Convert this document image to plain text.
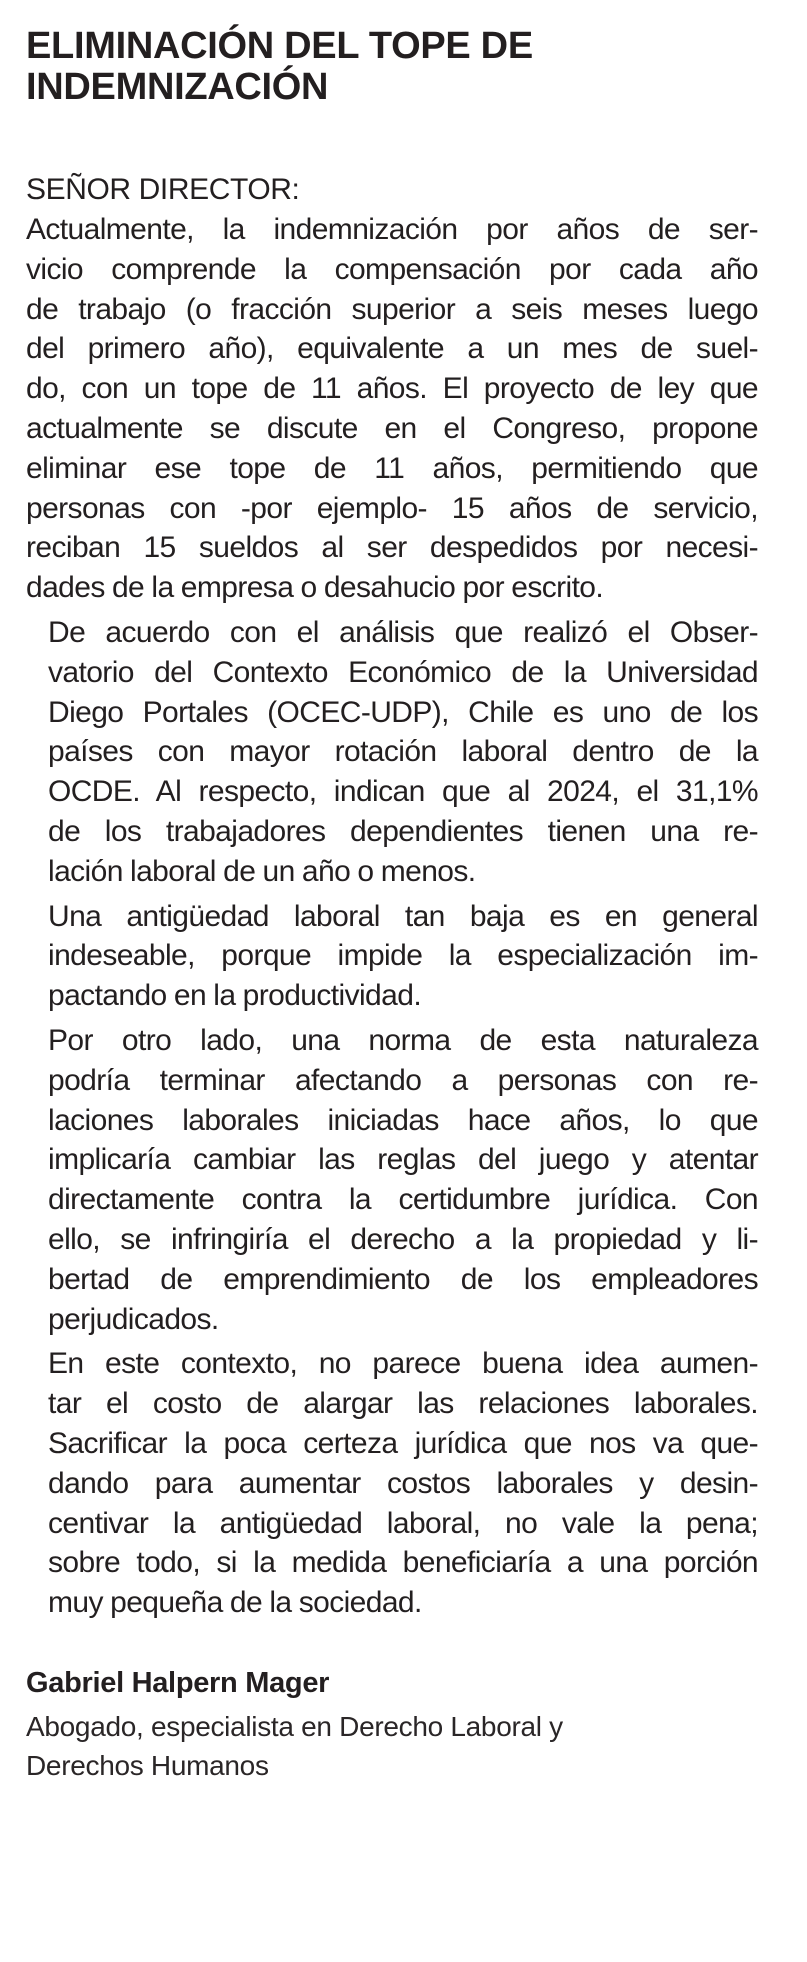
ELIMINACIÓN DEL TOPE DE
INDEMNIZACIÓN

SEÑOR DIRECTOR:

Actualmente, la indemnización por años de ser-
vicio comprende la compensación por cada año
de trabajo (o fracción superior a seis meses luego
del primero año), equivalente a un mes de suel-
do, con un tope de 11 años. El proyecto de ley que
actualmente se discute en el Congreso, propone
eliminar ese tope de 11 años, permitiendo que
personas con -por ejemplo- 15 años de servicio,
reciban 15 sueldos al ser despedidos por necesi-
dades de la empresa o desahucio por escrito.

De acuerdo con el análisis que realizó el Obser-
vatorio del Contexto Económico de la Universidad
Diego Portales (OCEC-UDP), Chile es uno de los
países con mayor rotación laboral dentro de la
OCDE. Al respecto, indican que al 2024, el 31,1%
de los trabajadores dependientes tienen una re-
lación laboral de un año o menos.

Una antigüedad laboral tan baja es en general
indeseable, porque impide la especialización im-
pactando en la productividad.

Por otro lado, una norma de esta naturaleza
podría terminar afectando a personas con re-
laciones laborales iniciadas hace años, lo que
implicaría cambiar las reglas del juego y atentar
directamente contra la certidumbre jurídica. Con
ello, se infringiría el derecho a la propiedad y li-
bertad de emprendimiento de los empleadores
perjudicados.

En este contexto, no parece buena idea aumen-
tar el costo de alargar las relaciones laborales.
Sacrificar la poca certeza jurídica que nos va que-
dando para aumentar costos laborales y desin-
centivar la antigüedad laboral, no vale la pena;
sobre todo, si la medida beneficiaría a una porción
muy pequeña de la sociedad.

Gabriel Halpern Mager

Abogado, especialista en Derecho Laboral y
Derechos Humanos
